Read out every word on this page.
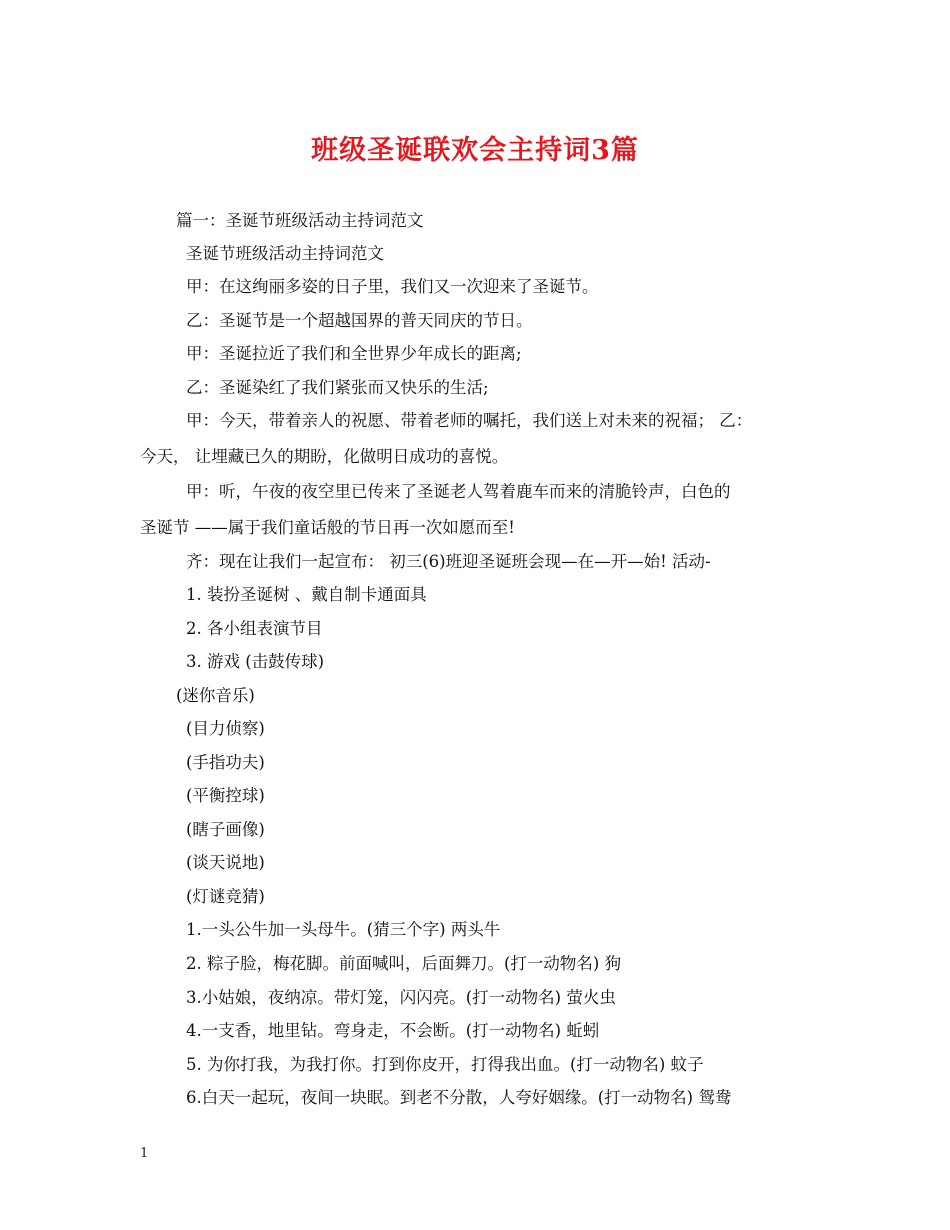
班级圣诞联欢会主持词3篇
篇一：圣诞节班级活动主持词范文
圣诞节班级活动主持词范文
甲：在这绚丽多姿的日子里，我们又一次迎来了圣诞节。
乙：圣诞节是一个超越国界的普天同庆的节日。
甲：圣诞拉近了我们和全世界少年成长的距离;
乙：圣诞染红了我们紧张而又快乐的生活;
甲：今天，带着亲人的祝愿、带着老师的嘱托，我们送上对未来的祝福； 乙：
今天， 让埋藏已久的期盼，化做明日成功的喜悦。
甲：听，午夜的夜空里已传来了圣诞老人驾着鹿车而来的清脆铃声，白色的
圣诞节 ——属于我们童话般的节日再一次如愿而至!
齐：现在让我们一起宣布： 初三(6)班迎圣诞班会现—在—开—始! 活动-
1. 装扮圣诞树 、戴自制卡通面具
2. 各小组表演节目
3. 游戏 (击鼓传球)
(迷你音乐)
(目力侦察)
(手指功夫)
(平衡控球)
(瞎子画像)
(谈天说地)
(灯谜竞猜)
1.一头公牛加一头母牛。(猜三个字) 两头牛
2. 粽子脸，梅花脚。前面喊叫，后面舞刀。(打一动物名) 狗
3.小姑娘，夜纳凉。带灯笼，闪闪亮。(打一动物名) 萤火虫
4.一支香，地里钻。弯身走，不会断。(打一动物名) 蚯蚓
5. 为你打我，为我打你。打到你皮开，打得我出血。(打一动物名) 蚊子
6.白天一起玩，夜间一块眠。到老不分散，人夸好姻缘。(打一动物名) 鸳鸯
1
